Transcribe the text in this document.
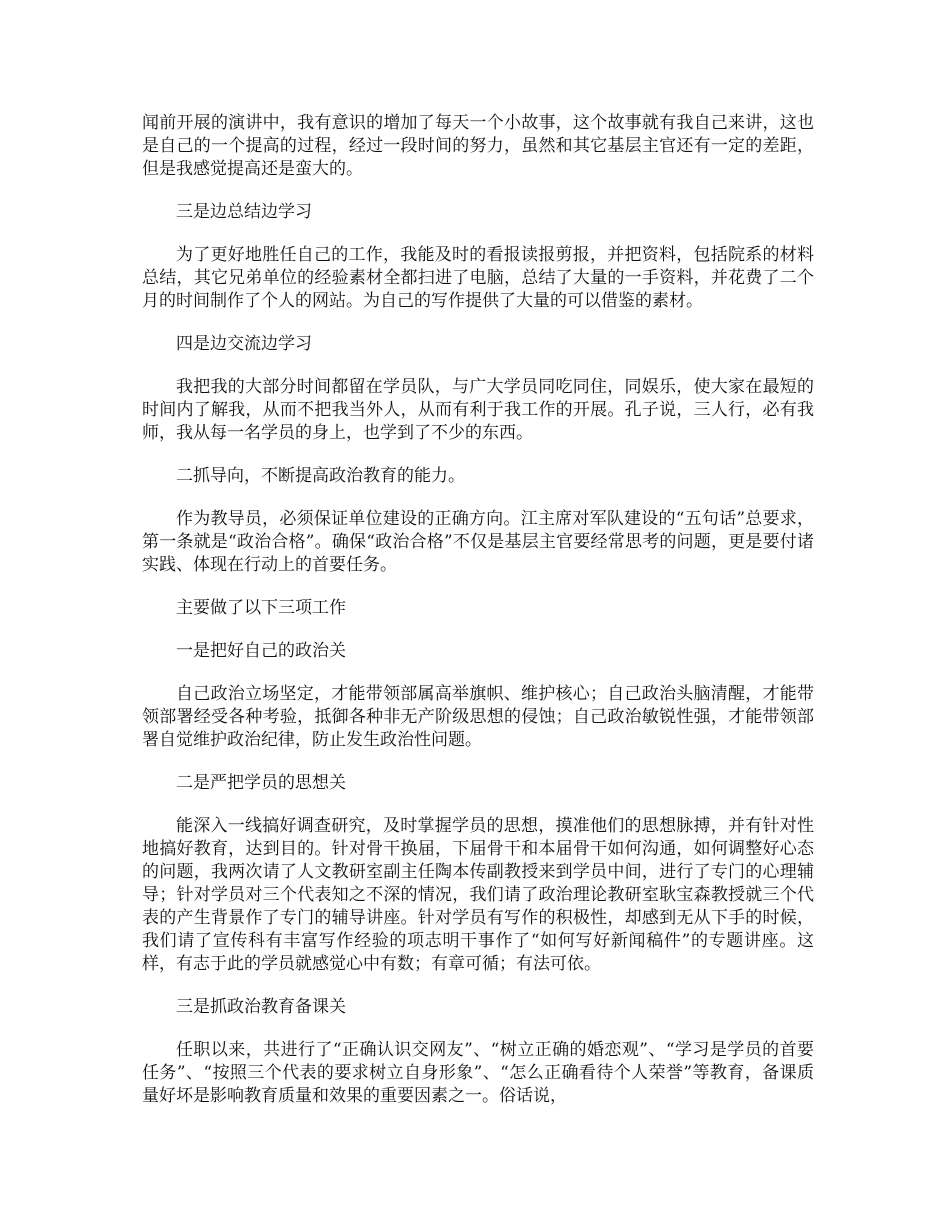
闻前开展的演讲中，我有意识的增加了每天一个小故事，这个故事就有我自己来讲，这也是自己的一个提高的过程，经过一段时间的努力，虽然和其它基层主官还有一定的差距，但是我感觉提高还是蛮大的。

三是边总结边学习

为了更好地胜任自己的工作，我能及时的看报读报剪报，并把资料，包括院系的材料总结，其它兄弟单位的经验素材全都扫进了电脑，总结了大量的一手资料，并花费了二个月的时间制作了个人的网站。为自己的写作提供了大量的可以借鉴的素材。

四是边交流边学习

我把我的大部分时间都留在学员队，与广大学员同吃同住，同娱乐，使大家在最短的时间内了解我，从而不把我当外人，从而有利于我工作的开展。孔子说，三人行，必有我师，我从每一名学员的身上，也学到了不少的东西。

二抓导向，不断提高政治教育的能力。

作为教导员，必须保证单位建设的正确方向。江主席对军队建设的“五句话”总要求，第一条就是“政治合格”。确保“政治合格”不仅是基层主官要经常思考的问题，更是要付诸实践、体现在行动上的首要任务。

主要做了以下三项工作

一是把好自己的政治关

自己政治立场坚定，才能带领部属高举旗帜、维护核心；自己政治头脑清醒，才能带领部署经受各种考验，抵御各种非无产阶级思想的侵蚀；自己政治敏锐性强，才能带领部署自觉维护政治纪律，防止发生政治性问题。

二是严把学员的思想关

能深入一线搞好调查研究，及时掌握学员的思想，摸准他们的思想脉搏，并有针对性地搞好教育，达到目的。针对骨干换届，下届骨干和本届骨干如何沟通，如何调整好心态的问题，我两次请了人文教研室副主任陶本传副教授来到学员中间，进行了专门的心理辅导；针对学员对三个代表知之不深的情况，我们请了政治理论教研室耿宝森教授就三个代表的产生背景作了专门的辅导讲座。针对学员有写作的积极性，却感到无从下手的时候，我们请了宣传科有丰富写作经验的项志明干事作了“如何写好新闻稿件”的专题讲座。这样，有志于此的学员就感觉心中有数；有章可循；有法可依。

三是抓政治教育备课关

任职以来，共进行了“正确认识交网友”、“树立正确的婚恋观”、“学习是学员的首要任务”、“按照三个代表的要求树立自身形象”、“怎么正确看待个人荣誉”等教育，备课质量好坏是影响教育质量和效果的重要因素之一。俗话说，
